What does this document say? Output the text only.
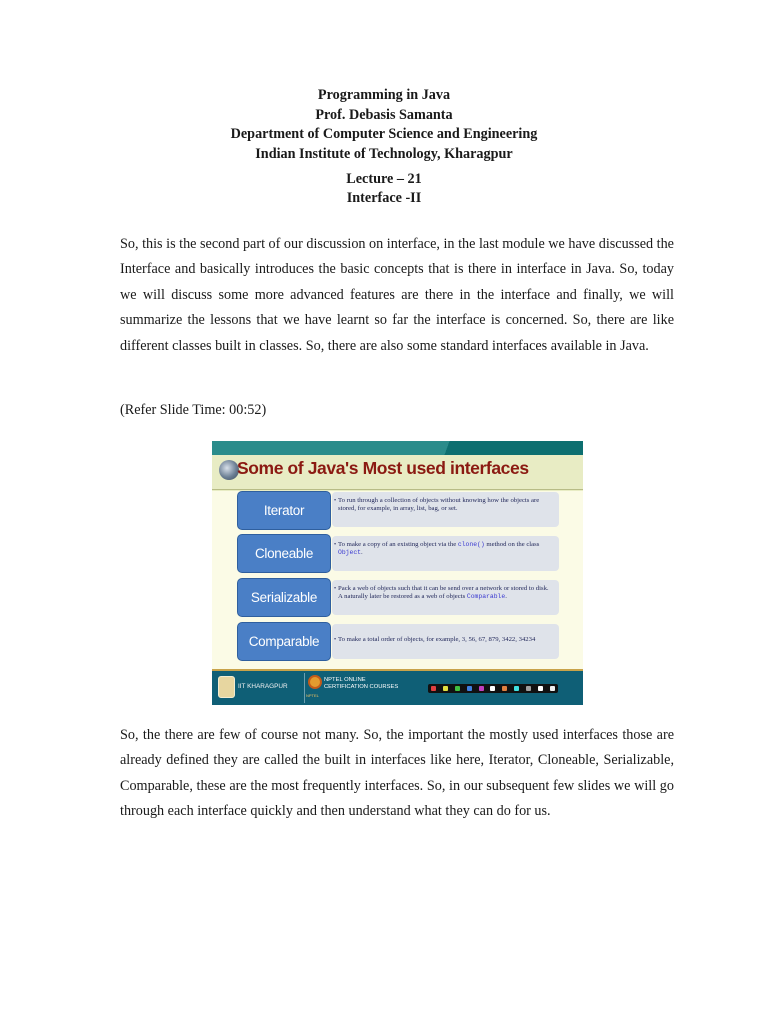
Programming in Java
Prof. Debasis Samanta
Department of Computer Science and Engineering
Indian Institute of Technology, Kharagpur
Lecture – 21
Interface -II
So, this is the second part of our discussion on interface, in the last module we have discussed the Interface and basically introduces the basic concepts that is there in interface in Java. So, today we will discuss some more advanced features are there in the interface and finally, we will summarize the lessons that we have learnt so far the interface is concerned. So, there are like different classes built in classes. So, there are also some standard interfaces available in Java.
(Refer Slide Time: 00:52)
Some of Java's Most used interfaces
Iterator
• To run through a collection of objects without knowing how the objects are stored, for example, in array, list, bag, or set.
Cloneable
• To make a copy of an existing object via the clone() method on the class Object.
Serializable
• Pack a web of objects such that it can be send over a network or stored to disk. A naturally later be restored as a web of objects Comparable.
Comparable	• To make a total order of objects, for example, 3, 56, 67, 879, 3422, 34234
IIT KHARAGPUR
NPTEL
NPTEL ONLINE
CERTIFICATION COURSES
So, the there are few of course not many. So, the important the mostly used interfaces those are already defined they are called the built in interfaces like here, Iterator, Cloneable, Serializable, Comparable, these are the most frequently interfaces. So, in our subsequent few slides we will go through each interface quickly and then understand what they can do for us.
